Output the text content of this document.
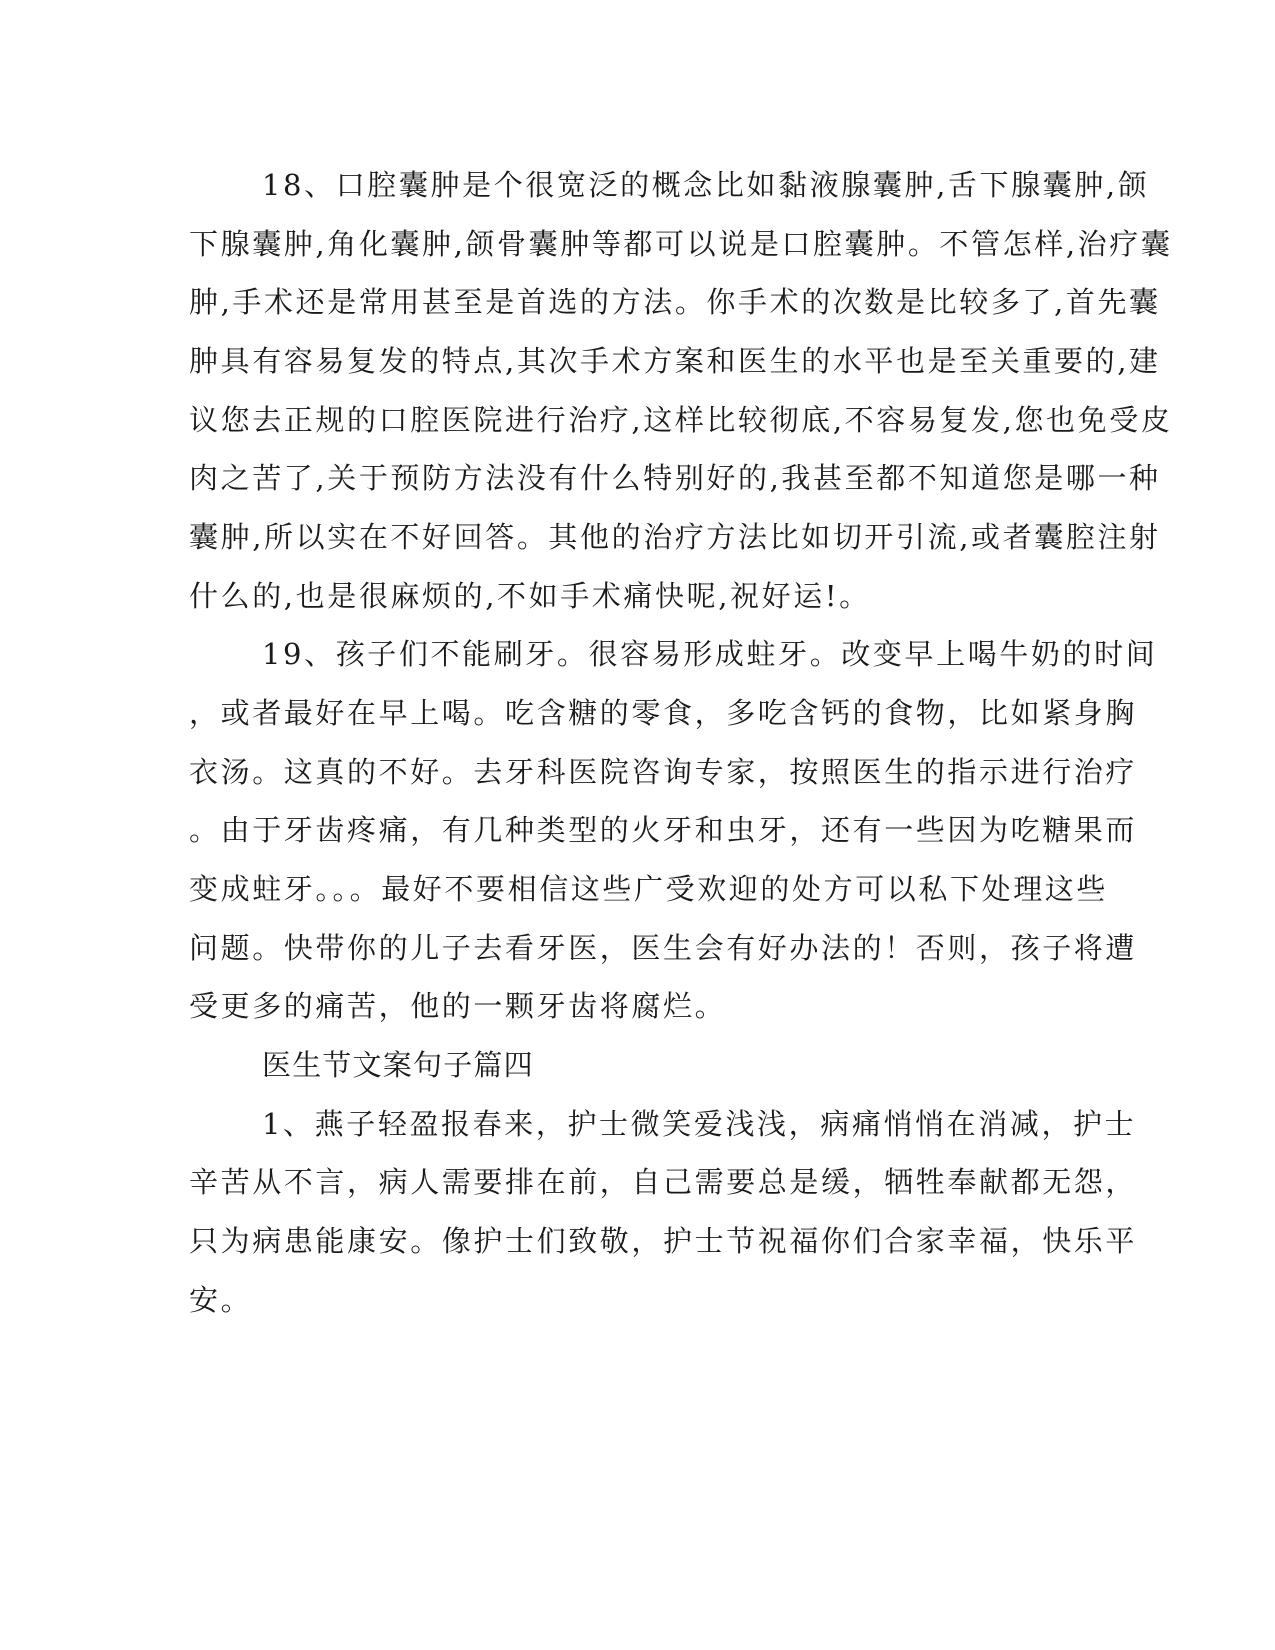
18、口腔囊肿是个很宽泛的概念比如黏液腺囊肿,舌下腺囊肿,颌

下腺囊肿,角化囊肿,颌骨囊肿等都可以说是口腔囊肿。不管怎样,治疗囊

肿,手术还是常用甚至是首选的方法。你手术的次数是比较多了,首先囊

肿具有容易复发的特点,其次手术方案和医生的水平也是至关重要的,建

议您去正规的口腔医院进行治疗,这样比较彻底,不容易复发,您也免受皮

肉之苦了,关于预防方法没有什么特别好的,我甚至都不知道您是哪一种

囊肿,所以实在不好回答。其他的治疗方法比如切开引流,或者囊腔注射

什么的,也是很麻烦的,不如手术痛快呢,祝好运!。

19、孩子们不能刷牙。很容易形成蛀牙。改变早上喝牛奶的时间

，或者最好在早上喝。吃含糖的零食，多吃含钙的食物，比如紧身胸

衣汤。这真的不好。去牙科医院咨询专家，按照医生的指示进行治疗

。由于牙齿疼痛，有几种类型的火牙和虫牙，还有一些因为吃糖果而

变成蛀牙。。。最好不要相信这些广受欢迎的处方可以私下处理这些

问题。快带你的儿子去看牙医，医生会有好办法的！否则，孩子将遭

受更多的痛苦，他的一颗牙齿将腐烂。

医生节文案句子篇四

1、燕子轻盈报春来，护士微笑爱浅浅，病痛悄悄在消减，护士

辛苦从不言，病人需要排在前，自己需要总是缓，牺牲奉献都无怨，

只为病患能康安。像护士们致敬，护士节祝福你们合家幸福，快乐平

安。
